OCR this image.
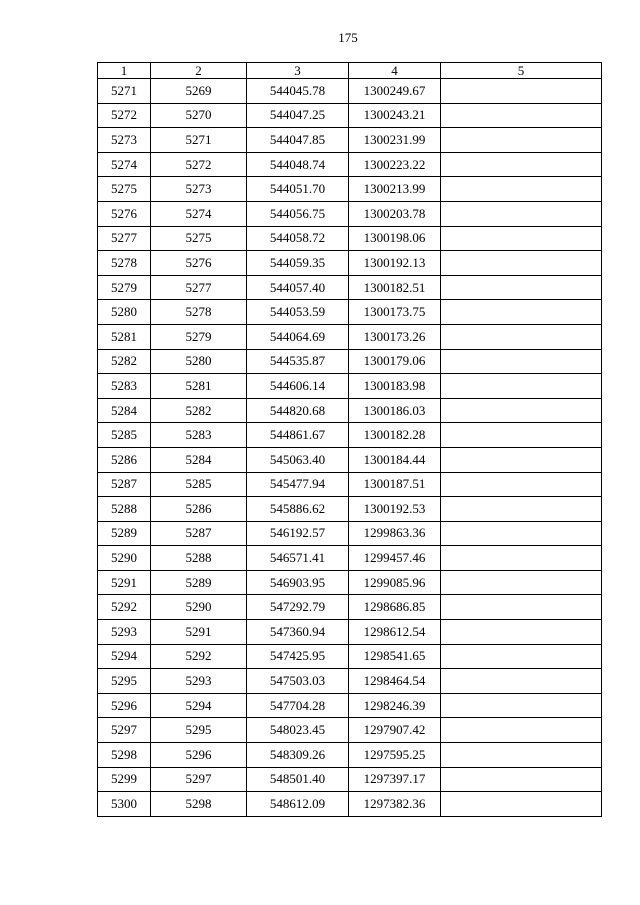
175
1	2	3	4	5
5271	5269	544045.78	1300249.67	
5272	5270	544047.25	1300243.21	
5273	5271	544047.85	1300231.99	
5274	5272	544048.74	1300223.22	
5275	5273	544051.70	1300213.99	
5276	5274	544056.75	1300203.78	
5277	5275	544058.72	1300198.06	
5278	5276	544059.35	1300192.13	
5279	5277	544057.40	1300182.51	
5280	5278	544053.59	1300173.75	
5281	5279	544064.69	1300173.26	
5282	5280	544535.87	1300179.06	
5283	5281	544606.14	1300183.98	
5284	5282	544820.68	1300186.03	
5285	5283	544861.67	1300182.28	
5286	5284	545063.40	1300184.44	
5287	5285	545477.94	1300187.51	
5288	5286	545886.62	1300192.53	
5289	5287	546192.57	1299863.36	
5290	5288	546571.41	1299457.46	
5291	5289	546903.95	1299085.96	
5292	5290	547292.79	1298686.85	
5293	5291	547360.94	1298612.54	
5294	5292	547425.95	1298541.65	
5295	5293	547503.03	1298464.54	
5296	5294	547704.28	1298246.39	
5297	5295	548023.45	1297907.42	
5298	5296	548309.26	1297595.25	
5299	5297	548501.40	1297397.17	
5300	5298	548612.09	1297382.36	
